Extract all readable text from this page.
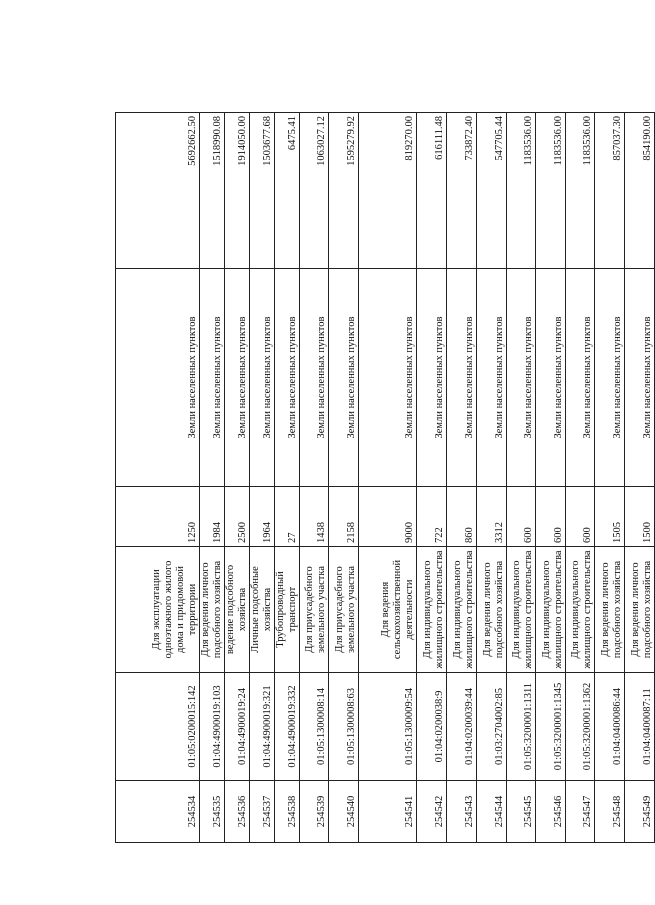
254534	01:05:0200015:142	Для эксплуатации одноэтажного жилого дома и придомовой территории	1250	Земли населенных пунктов	5692662.50
254535	01:04:4900019:103	Для ведения личного подсобного хозяйства	1984	Земли населенных пунктов	1518990.08
254536	01:04:4900019:24	ведение подсобного хозяйства	2500	Земли населенных пунктов	1914050.00
254537	01:04:4900019:321	Личные подсобные хозяйства	1964	Земли населенных пунктов	1503677.68
254538	01:04:4900019:332	Трубопроводный транспорт	27	Земли населенных пунктов	6475.41
254539	01:05:1300008:14	Для приусадебного земельного участка	1438	Земли населенных пунктов	1063027.12
254540	01:05:1300008:63	Для приусадебного земельного участка	2158	Земли населенных пунктов	1595279.92
254541	01:05:1300009:54	Для ведения сельскохозяйственной деятельности	9000	Земли населенных пунктов	819270.00
254542	01:04:0200038:9	Для индивидуального жилищного строительства	722	Земли населенных пунктов	616111.48
254543	01:04:0200039:44	Для индивидуального жилищного строительства	860	Земли населенных пунктов	733872.40
254544	01:03:2704002:85	Для ведения личного подсобного хозяйства	3312	Земли населенных пунктов	547705.44
254545	01:05:3200001:1311	Для индивидуального жилищного строительства	600	Земли населенных пунктов	1183536.00
254546	01:05:3200001:1345	Для индивидуального жилищного строительства	600	Земли населенных пунктов	1183536.00
254547	01:05:3200001:1362	Для индивидуального жилищного строительства	600	Земли населенных пунктов	1183536.00
254548	01:04:0400086:44	Для ведения личного подсобного хозяйства	1505	Земли населенных пунктов	857037.30
254549	01:04:0400087:11	Для ведения личного подсобного хозяйства	1500	Земли населенных пунктов	854190.00
